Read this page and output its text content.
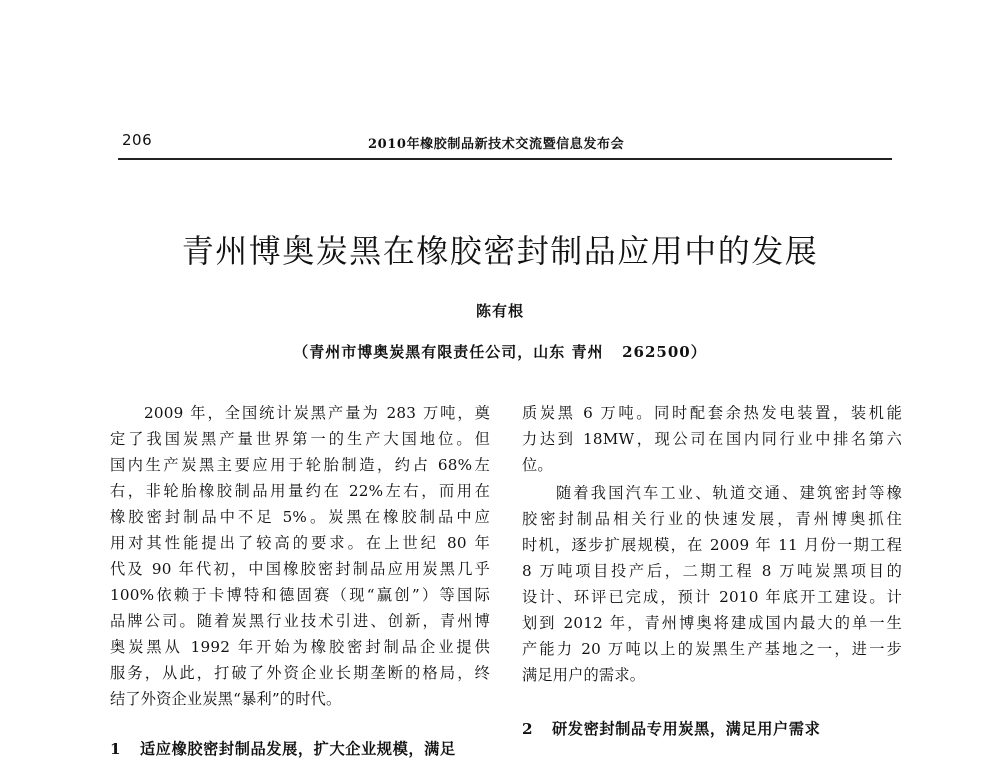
206	2010年橡胶制品新技术交流暨信息发布会
青州博奥炭黑在橡胶密封制品应用中的发展
陈有根
（青州市博奥炭黑有限责任公司，山东 青州   262500）
2009 年，全国统计炭黑产量为 283 万吨，奠
定了我国炭黑产量世界第一的生产大国地位。但
国内生产炭黑主要应用于轮胎制造，约占 68%左
右，非轮胎橡胶制品用量约在 22%左右，而用在
橡胶密封制品中不足 5%。炭黑在橡胶制品中应
用对其性能提出了较高的要求。在上世纪 80 年
代及 90 年代初，中国橡胶密封制品应用炭黑几乎
100%依赖于卡博特和德固赛（现“赢创”）等国际
品牌公司。随着炭黑行业技术引进、创新，青州博
奥炭黑从 1992 年开始为橡胶密封制品企业提供
服务，从此，打破了外资企业长期垄断的格局，终
结了外资企业炭黑“暴利”的时代。
1 适应橡胶密封制品发展，扩大企业规模，满足
质炭黑 6 万吨。同时配套余热发电装置，装机能
力达到 18MW，现公司在国内同行业中排名第六
位。
随着我国汽车工业、轨道交通、建筑密封等橡
胶密封制品相关行业的快速发展，青州博奥抓住
时机，逐步扩展规模，在 2009 年 11 月份一期工程
8 万吨项目投产后，二期工程 8 万吨炭黑项目的
设计、环评已完成，预计 2010 年底开工建设。计
划到 2012 年，青州博奥将建成国内最大的单一生
产能力 20 万吨以上的炭黑生产基地之一，进一步
满足用户的需求。
2 研发密封制品专用炭黑，满足用户需求
